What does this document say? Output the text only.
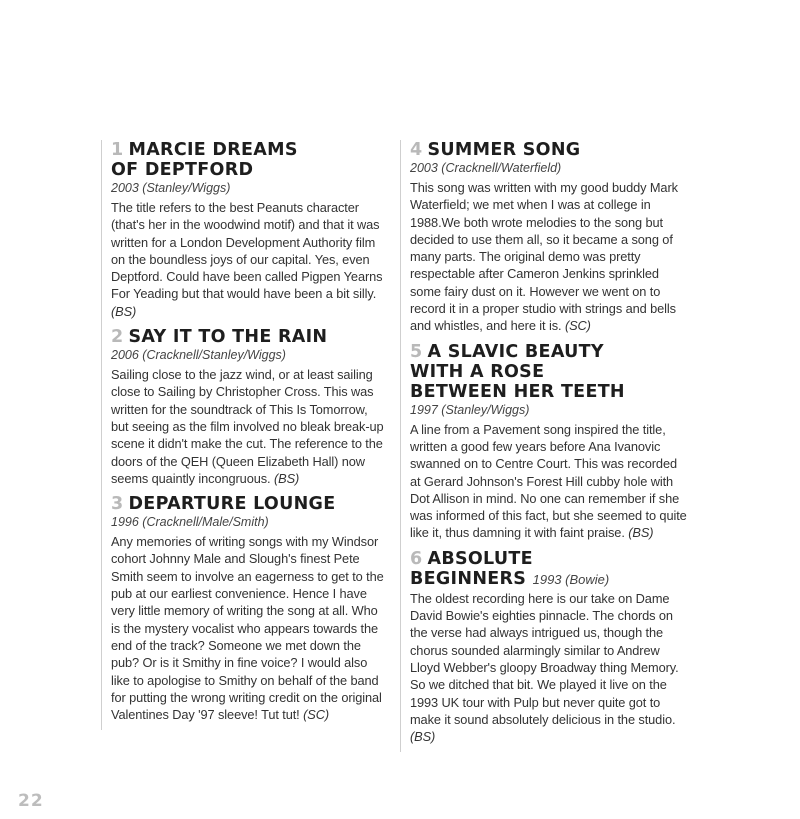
1 MARCIE DREAMS
OF DEPTFORD

2003 (Stanley/Wiggs)

The title refers to the best Peanuts character (that's her in the woodwind motif) and that it was written for a London Development Authority film on the boundless joys of our capital. Yes, even Deptford. Could have been called Pigpen Yearns For Yeading but that would have been a bit silly. (BS)

2 SAY IT TO THE RAIN

2006 (Cracknell/Stanley/Wiggs)

Sailing close to the jazz wind, or at least sailing close to Sailing by Christopher Cross. This was written for the soundtrack of This Is Tomorrow, but seeing as the film involved no bleak break-up scene it didn't make the cut. The reference to the doors of the QEH (Queen Elizabeth Hall) now seems quaintly incongruous. (BS)

3 DEPARTURE LOUNGE

1996 (Cracknell/Male/Smith)

Any memories of writing songs with my Windsor cohort Johnny Male and Slough's finest Pete Smith seem to involve an eagerness to get to the pub at our earliest convenience. Hence I have very little memory of writing the song at all. Who is the mystery vocalist who appears towards the end of the track? Someone we met down the pub? Or is it Smithy in fine voice? I would also like to apologise to Smithy on behalf of the band for putting the wrong writing credit on the original Valentines Day '97 sleeve! Tut tut! (SC)

4 SUMMER SONG

2003 (Cracknell/Waterfield)

This song was written with my good buddy Mark Waterfield; we met when I was at college in 1988.We both wrote melodies to the song but decided to use them all, so it became a song of many parts. The original demo was pretty respectable after Cameron Jenkins sprinkled some fairy dust on it. However we went on to record it in a proper studio with strings and bells and whistles, and here it is. (SC)

5 A SLAVIC BEAUTY
WITH A ROSE
BETWEEN HER TEETH

1997 (Stanley/Wiggs)

A line from a Pavement song inspired the title, written a good few years before Ana Ivanovic swanned on to Centre Court. This was recorded at Gerard Johnson's Forest Hill cubby hole with Dot Allison in mind. No one can remember if she was informed of this fact, but she seemed to quite like it, thus damning it with faint praise. (BS)

6 ABSOLUTE
BEGINNERS 1993 (Bowie)

The oldest recording here is our take on Dame David Bowie's eighties pinnacle. The chords on the verse had always intrigued us, though the chorus sounded alarmingly similar to Andrew Lloyd Webber's gloopy Broadway thing Memory. So we ditched that bit. We played it live on the 1993 UK tour with Pulp but never quite got to make it sound absolutely delicious in the studio. (BS)

22
